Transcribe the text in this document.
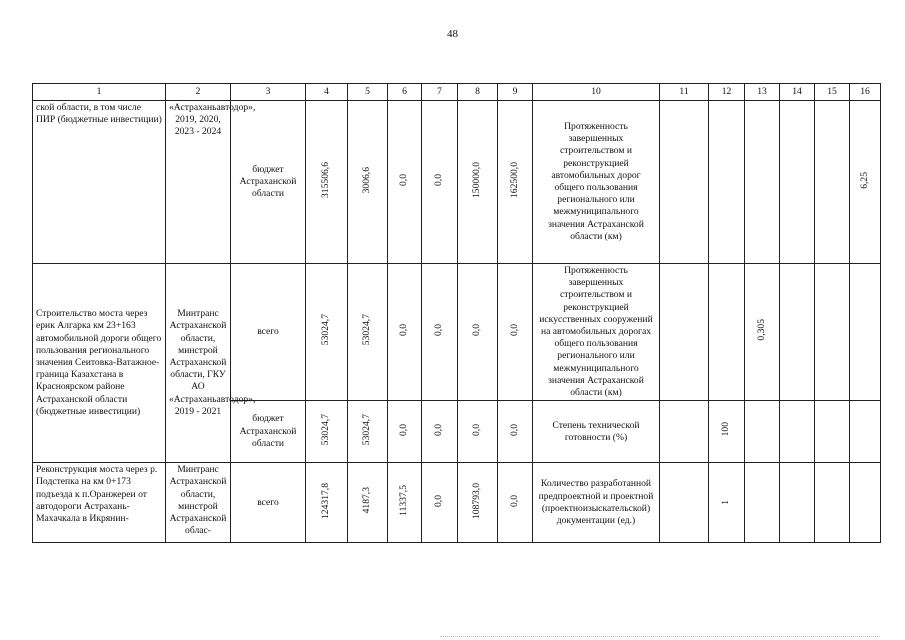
48
1	2	3	4	5	6	7	8	9	10	11	12	13	14	15	16
ской области, в том числе ПИР (бюджетные инвестиции)	«Астраханьавтодор», 2019, 2020, 2023 - 2024	бюджет Астраханской области	315506,6	3006,6	0,0	0,0	150000,0	162500,0	Протяженность завершенных строительством и реконструкцией автомобильных дорог общего пользования регионального или межмуниципального значения Астраханской области (км)						6,25
Строительство моста через ерик Алгарка км 23+163 автомобильной дороги общего пользования регионального значения Сеитовка-Ватажное-граница Казахстана в Красноярском районе Астраханской области (бюджетные инвестиции)	Минтранс Астраханской области, минстрой Астраханской области, ГКУ АО «Астраханьавтодор», 2019 - 2021	всего	53024,7	53024,7	0,0	0,0	0,0	0,0	Протяженность завершенных строительством и реконструкцией искусственных сооружений на автомобильных дорогах общего пользования регионального или межмуниципального значения Астраханской области (км)			0,305			
		бюджет Астраханской области	53024,7	53024,7	0,0	0,0	0,0	0,0	Степень технической готовности (%)		100				
Реконструкция моста через р. Подстепка на км 0+173 подъезда к п.Оранжереи от автодороги Астрахань-Махачкала в Икрянин-	Минтранс Астраханской области, минстрой Астраханской облас-	всего	124317,8	4187,3	11337,5	0,0	108793,0	0,0	Количество разработанной предпроектной и проектной (проектноизыскательской) документации (ед.)		1				
